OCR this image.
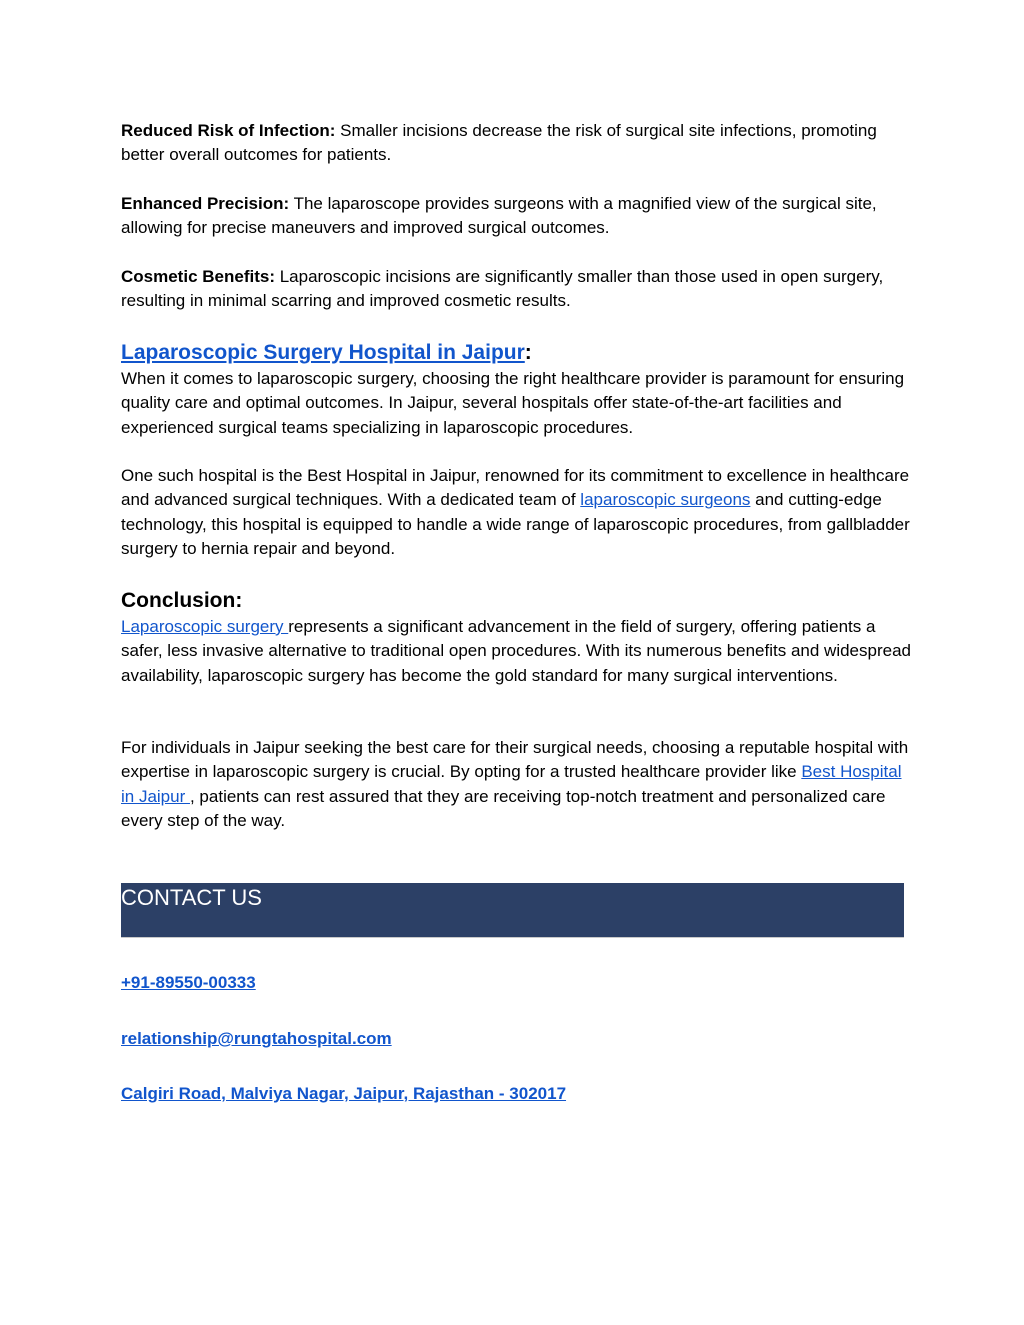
Reduced Risk of Infection: Smaller incisions decrease the risk of surgical site infections, promoting better overall outcomes for patients.

Enhanced Precision: The laparoscope provides surgeons with a magnified view of the surgical site, allowing for precise maneuvers and improved surgical outcomes.

Cosmetic Benefits: Laparoscopic incisions are significantly smaller than those used in open surgery, resulting in minimal scarring and improved cosmetic results.

Laparoscopic Surgery Hospital in Jaipur:

When it comes to laparoscopic surgery, choosing the right healthcare provider is paramount for ensuring quality care and optimal outcomes. In Jaipur, several hospitals offer state-of-the-art facilities and experienced surgical teams specializing in laparoscopic procedures.

One such hospital is the Best Hospital in Jaipur, renowned for its commitment to excellence in healthcare and advanced surgical techniques. With a dedicated team of laparoscopic surgeons and cutting-edge technology, this hospital is equipped to handle a wide range of laparoscopic procedures, from gallbladder surgery to hernia repair and beyond.

Conclusion:

Laparoscopic surgery represents a significant advancement in the field of surgery, offering patients a safer, less invasive alternative to traditional open procedures. With its numerous benefits and widespread availability, laparoscopic surgery has become the gold standard for many surgical interventions.

For individuals in Jaipur seeking the best care for their surgical needs, choosing a reputable hospital with expertise in laparoscopic surgery is crucial. By opting for a trusted healthcare provider like Best Hospital in Jaipur , patients can rest assured that they are receiving top-notch treatment and personalized care every step of the way.

CONTACT US
+91-89550-00333
relationship@rungtahospital.com
Calgiri Road, Malviya Nagar, Jaipur, Rajasthan - 302017
